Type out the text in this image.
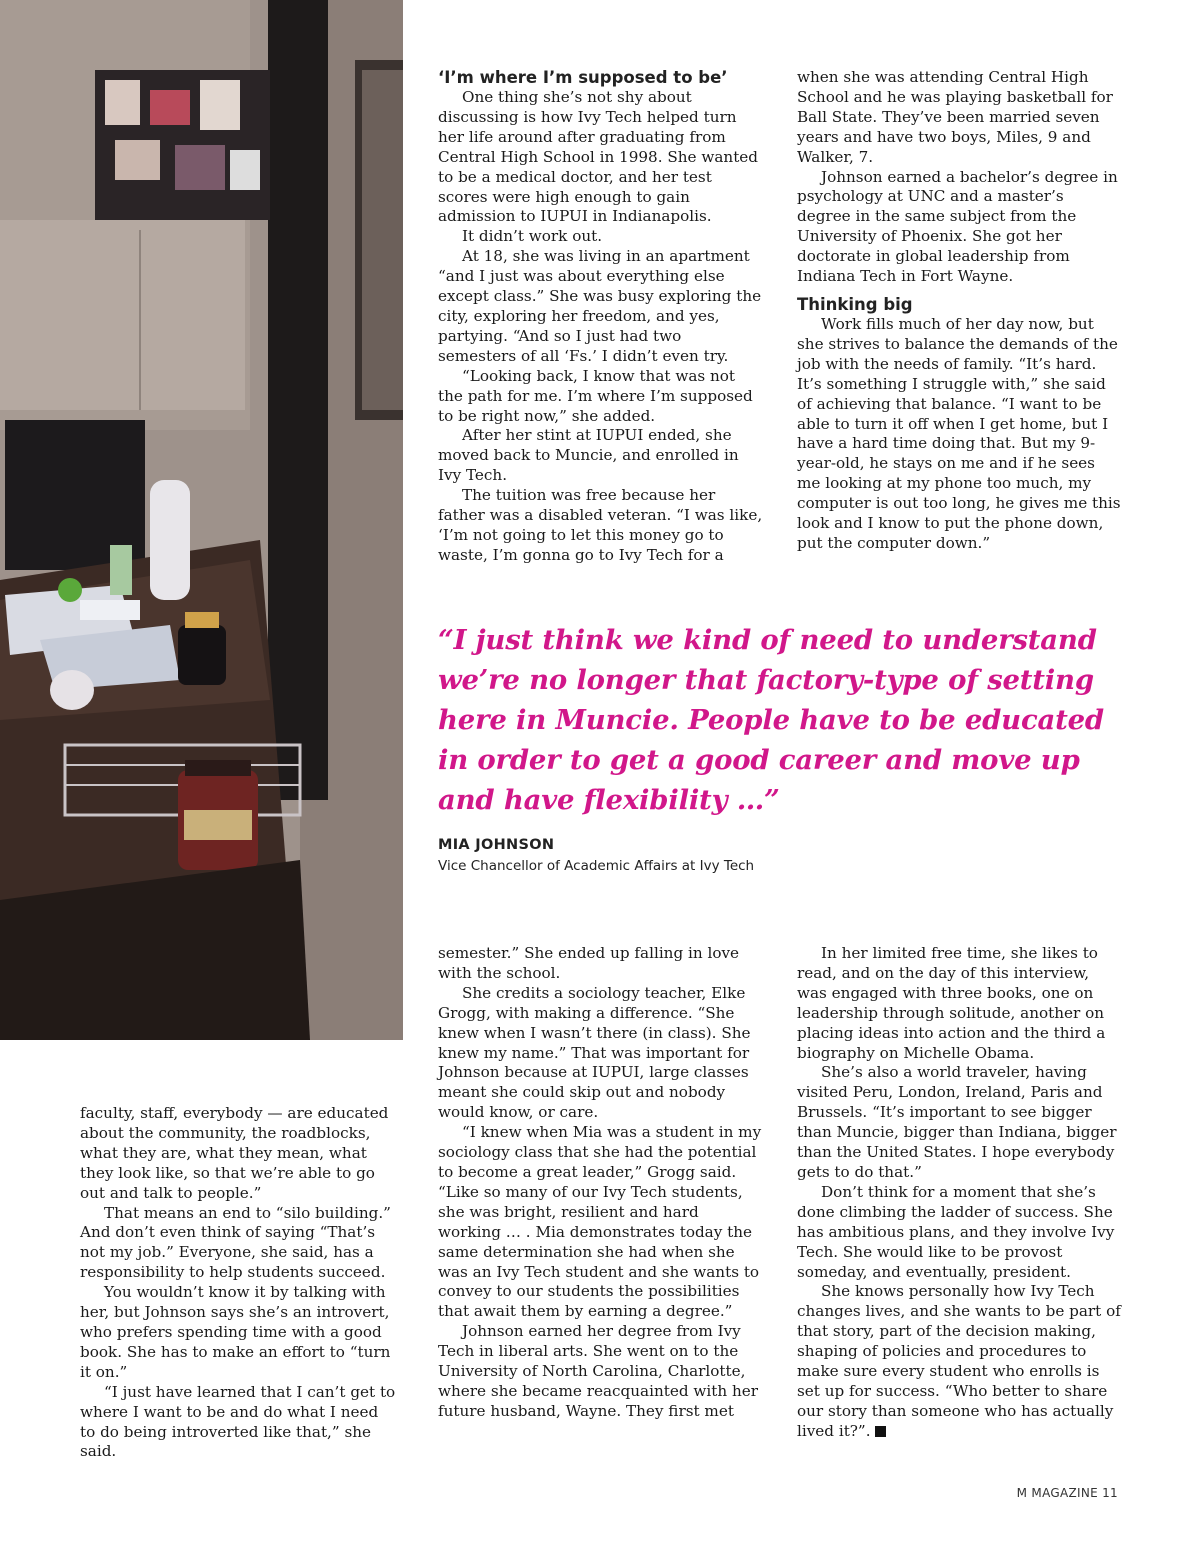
‘I’m where I’m supposed to be’

One thing she’s not shy about discussing is how Ivy Tech helped turn her life around after graduating from Central High School in 1998. She wanted to be a medical doctor, and her test scores were high enough to gain admission to IUPUI in Indianapolis.

It didn’t work out.

At 18, she was living in an apartment “and I just was about everything else except class.” She was busy exploring the city, exploring her freedom, and yes, partying. “And so I just had two semesters of all ‘Fs.’ I didn’t even try.

“Looking back, I know that was not the path for me. I’m where I’m supposed to be right now,” she added.

After her stint at IUPUI ended, she moved back to Muncie, and enrolled in Ivy Tech.

The tuition was free because her father was a disabled veteran. “I was like, ‘I’m not going to let this money go to waste, I’m gonna go to Ivy Tech for a

when she was attending Central High School and he was playing basketball for Ball State. They’ve been married seven years and have two boys, Miles, 9 and Walker, 7.

Johnson earned a bachelor’s degree in psychology at UNC and a master’s degree in the same subject from the University of Phoenix. She got her doctorate in global leadership from Indiana Tech in Fort Wayne.

Thinking big

Work fills much of her day now, but she strives to balance the demands of the job with the needs of family. “It’s hard. It’s something I struggle with,” she said of achieving that balance. “I want to be able to turn it off when I get home, but I have a hard time doing that. But my 9-year-old, he stays on me and if he sees me looking at my phone too much, my computer is out too long, he gives me this look and I know to put the phone down, put the computer down.”

“I just think we kind of need to understand we’re no longer that factory-type of setting here in Muncie. People have to be educated in order to get a good career and move up and have flexibility …”
MIA JOHNSON
Vice Chancellor of Academic Affairs at Ivy Tech

faculty, staff, everybody — are educated about the community, the roadblocks, what they are, what they mean, what they look like, so that we’re able to go out and talk to people.”

That means an end to “silo building.” And don’t even think of saying “That’s not my job.” Everyone, she said, has a responsibility to help students succeed.

You wouldn’t know it by talking with her, but Johnson says she’s an introvert, who prefers spending time with a good book. She has to make an effort to “turn it on.”

“I just have learned that I can’t get to where I want to be and do what I need to do being introverted like that,” she said.

semester.” She ended up falling in love with the school.

She credits a sociology teacher, Elke Grogg, with making a difference. “She knew when I wasn’t there (in class). She knew my name.” That was important for Johnson because at IUPUI, large classes meant she could skip out and nobody would know, or care.

“I knew when Mia was a student in my sociology class that she had the potential to become a great leader,” Grogg said. “Like so many of our Ivy Tech students, she was bright, resilient and hard working … . Mia demonstrates today the same determination she had when she was an Ivy Tech student and she wants to convey to our students the possibilities that await them by earning a degree.”

Johnson earned her degree from Ivy Tech in liberal arts. She went on to the University of North Carolina, Charlotte, where she became reacquainted with her future husband, Wayne. They first met

In her limited free time, she likes to read, and on the day of this interview, was engaged with three books, one on leadership through solitude, another on placing ideas into action and the third a biography on Michelle Obama.

She’s also a world traveler, having visited Peru, London, Ireland, Paris and Brussels. “It’s important to see bigger than Muncie, bigger than Indiana, bigger than the United States. I hope everybody gets to do that.”

Don’t think for a moment that she’s done climbing the ladder of success. She has ambitious plans, and they involve Ivy Tech. She would like to be provost someday, and eventually, president.

She knows personally how Ivy Tech changes lives, and she wants to be part of that story, part of the decision making, shaping of policies and procedures to make sure every student who enrolls is set up for success. “Who better to share our story than someone who has actually lived it?”.

M MAGAZINE 11
